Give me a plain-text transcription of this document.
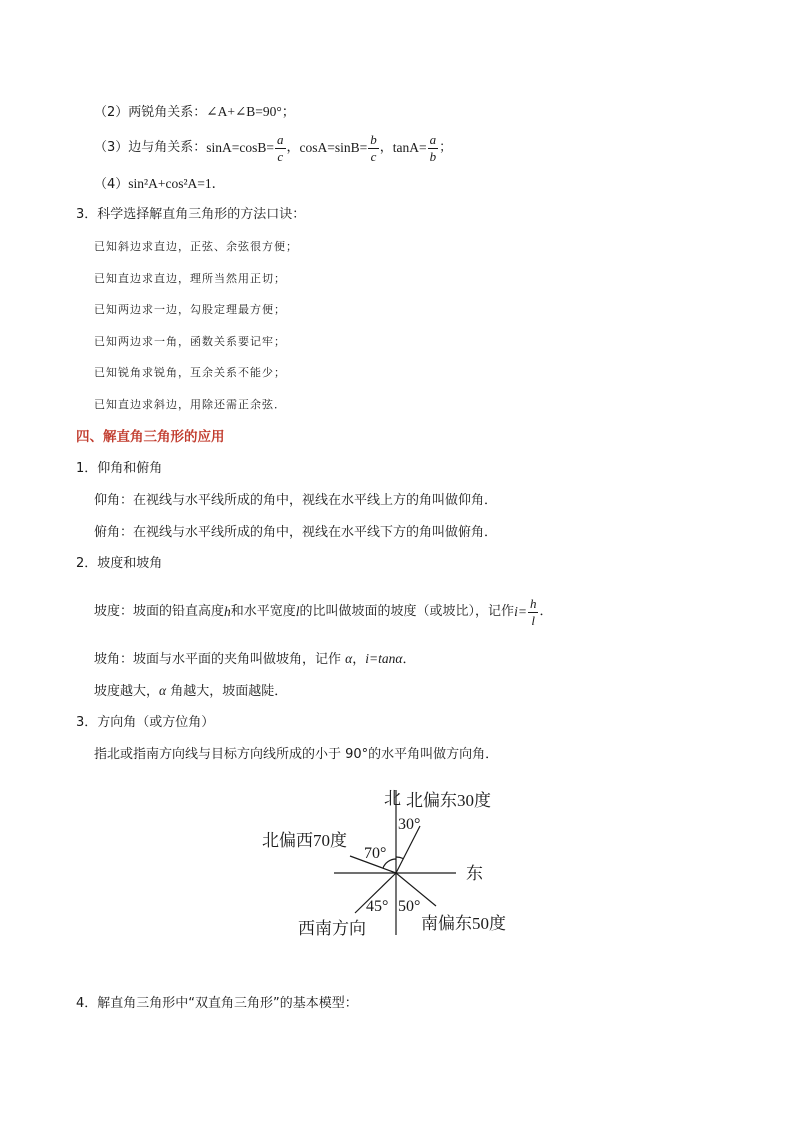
（2）两锐角关系：∠A+∠B=90°；
（3）边与角关系： $\sin A=\cos B= \frac{a}{c}$ ， $\cos A=\sin B= \frac{b}{c}$ ， $\tan A= \frac{a}{b}$ ；
（4）sin²A+cos²A=1．
3．科学选择解直角三角形的方法口诀：
已知斜边求直边，正弦、余弦很方便；
已知直边求直边，理所当然用正切；
已知两边求一边，勾股定理最方便；
已知两边求一角，函数关系要记牢；
已知锐角求锐角，互余关系不能少；
已知直边求斜边，用除还需正余弦．
四、解直角三角形的应用
1．仰角和俯角
仰角：在视线与水平线所成的角中，视线在水平线上方的角叫做仰角．
俯角：在视线与水平线所成的角中，视线在水平线下方的角叫做俯角．
2．坡度和坡角
坡度：坡面的铅直高度 h 和水平宽度 l 的比叫做坡面的坡度（或坡比），记作 $i= \frac{h}{l}$ ．
坡角：坡面与水平面的夹角叫做坡角，记作 α，i=tanα．
坡度越大，α 角越大，坡面越陡．
3．方向角（或方位角）
指北或指南方向线与目标方向线所成的小于 90°的水平角叫做方向角．
北 北偏东30度
30°
北偏西70度
70°
东
45° 50°
西南方向	南偏东50度
4．解直角三角形中“双直角三角形”的基本模型：
